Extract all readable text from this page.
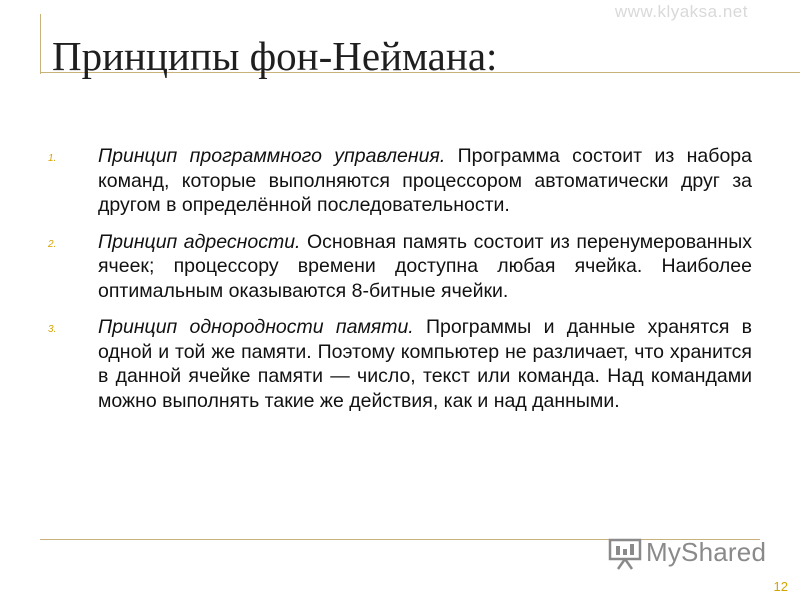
www.klyaksa.net
Принципы фон-Неймана:
1.	Принцип программного управления. Программа состоит из набора команд, которые выполняются процессором автоматически друг за другом в определённой последовательности.
2.	Принцип адресности. Основная память состоит из перенумерованных ячеек; процессору времени доступна любая ячейка. Наиболее оптимальным оказываются 8-битные ячейки.
3.	Принцип однородности памяти. Программы и данные хранятся в одной и той же памяти. Поэтому компьютер не различает, что хранится в данной ячейке памяти — число, текст или команда. Над командами можно выполнять такие же действия, как и над данными.
MyShared
12
